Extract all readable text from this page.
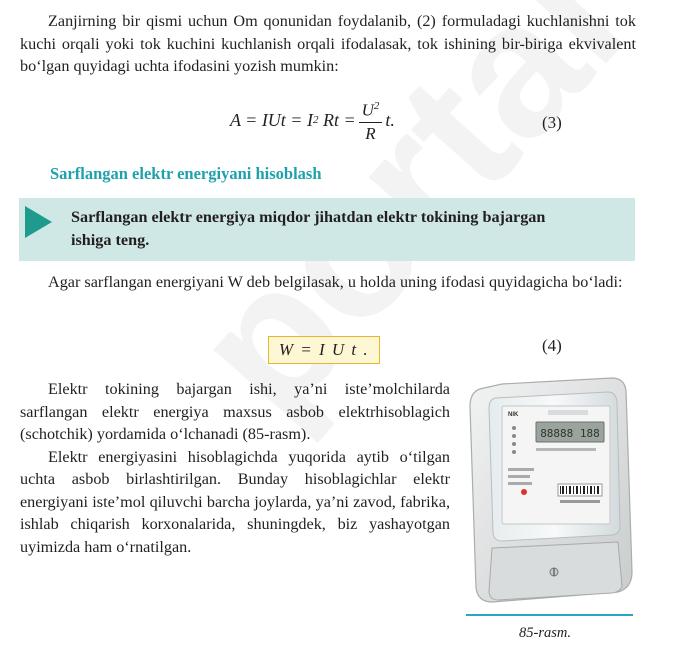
Zanjirning bir qismi uchun Om qonunidan foydalanib, (2) formuladagi kuchlanishni tok kuchi orqali yoki tok kuchini kuchlanish orqali ifodalasak, tok ishining bir-biriga ekvivalent bo‘lgan quyidagi uchta ifodasini yozish mumkin:

A = IUt = I 2
$Rt = \frac{U^2}{R} t$.	(3)
Sarflangan elektr energiyani hisoblash

Sarflangan elektr energiya miqdor jihatdan elektr tokining bajargan ishiga teng.

Agar sarflangan energiyani W deb belgilasak, u holda uning ifodasi quyidagicha bo‘ladi:

W = I U t .	(4)

Elektr tokining bajargan ishi, ya’ni iste’molchilarda sarflangan elektr energiya maxsus asbob elektrhisoblagich (schotchik) yordamida o‘lchanadi (85-rasm).

Elektr energiyasini hisoblagichda yuqorida aytib o‘tilgan uchta asbob birlashtirilgan. Bunday hisoblagichlar elektr energiyani iste’mol qiluvchi barcha joylarda, ya’ni zavod, fabrika, ishlab chiqarish korxonalarida, shuningdek, biz yashayotgan uyimizda ham o‘rnatilgan.

NIK
88888 188
85-rasm.
